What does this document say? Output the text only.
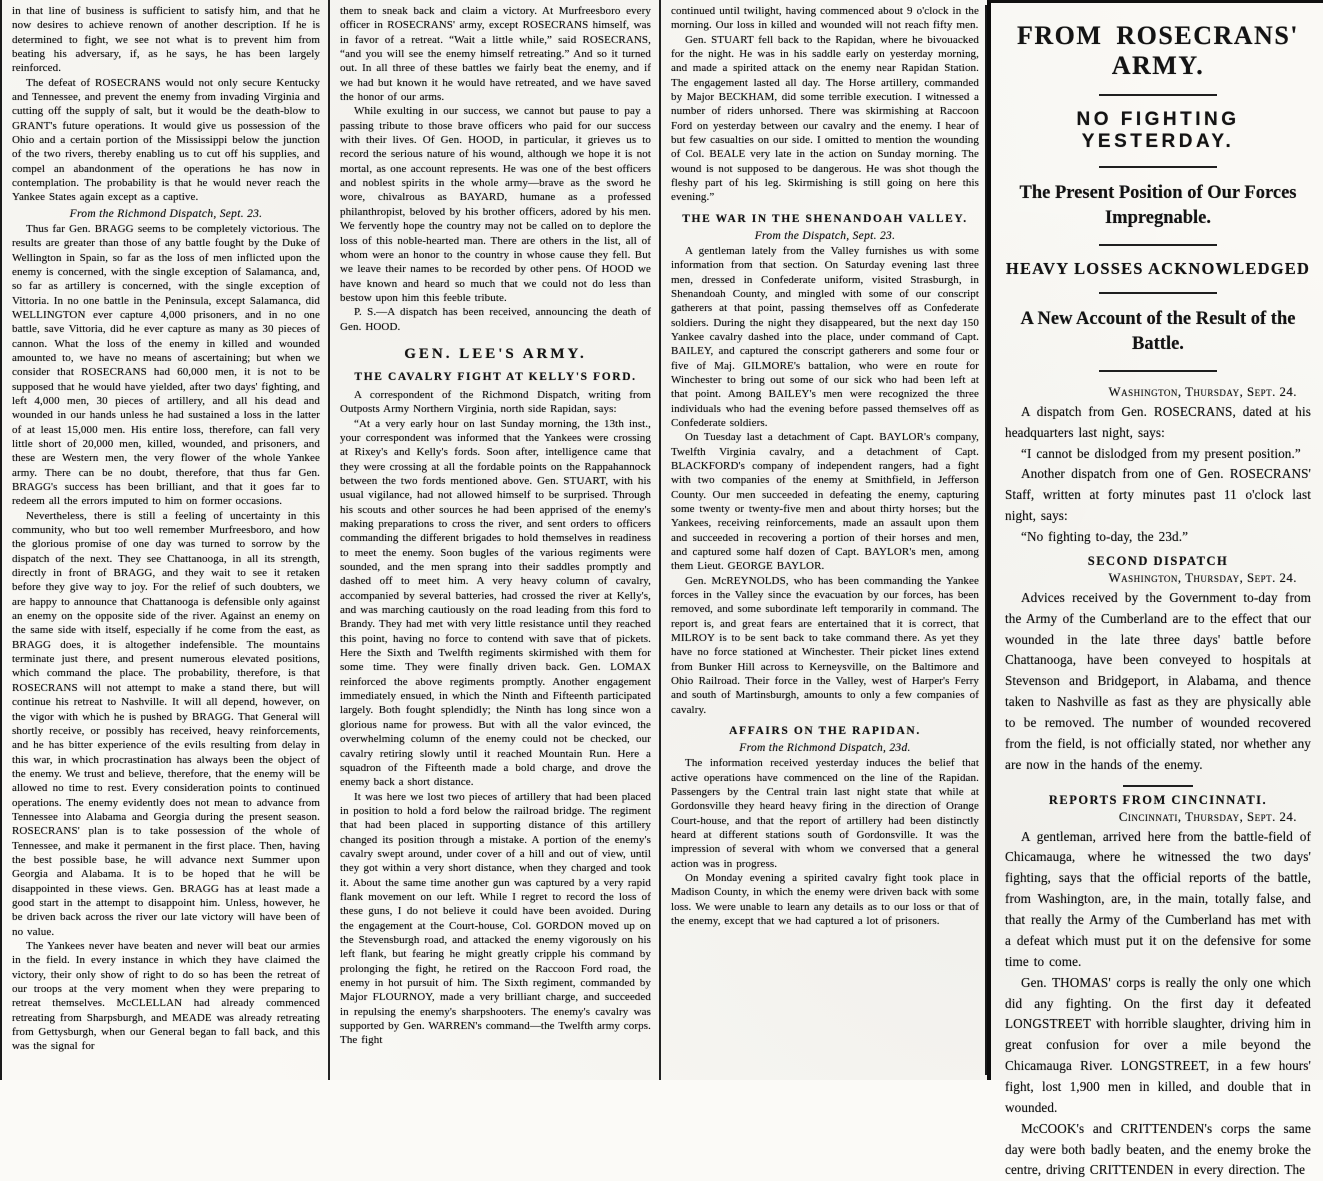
in that line of business is sufficient to satisfy him, and that he now desires to achieve renown of another description. If he is determined to fight, we see not what is to prevent him from beating his adversary, if, as he says, he has been largely reinforced.

The defeat of ROSECRANS would not only secure Kentucky and Tennessee, and prevent the enemy from invading Virginia and cutting off the supply of salt, but it would be the death-blow to GRANT's future operations. It would give us possession of the Ohio and a certain portion of the Mississippi below the junction of the two rivers, thereby enabling us to cut off his supplies, and compel an abandonment of the operations he has now in contemplation. The probability is that he would never reach the Yankee States again except as a captive.

From the Richmond Dispatch, Sept. 23.

Thus far Gen. BRAGG seems to be completely victorious. The results are greater than those of any battle fought by the Duke of Wellington in Spain, so far as the loss of men inflicted upon the enemy is concerned, with the single exception of Salamanca, and, so far as artillery is concerned, with the single exception of Vittoria. In no one battle in the Peninsula, except Salamanca, did WELLINGTON ever capture 4,000 prisoners, and in no one battle, save Vittoria, did he ever capture as many as 30 pieces of cannon. What the loss of the enemy in killed and wounded amounted to, we have no means of ascertaining; but when we consider that ROSECRANS had 60,000 men, it is not to be supposed that he would have yielded, after two days' fighting, and left 4,000 men, 30 pieces of artillery, and all his dead and wounded in our hands unless he had sustained a loss in the latter of at least 15,000 men. His entire loss, therefore, can fall very little short of 20,000 men, killed, wounded, and prisoners, and these are Western men, the very flower of the whole Yankee army. There can be no doubt, therefore, that thus far Gen. BRAGG's success has been brilliant, and that it goes far to redeem all the errors imputed to him on former occasions.

Nevertheless, there is still a feeling of uncertainty in this community, who but too well remember Murfreesboro, and how the glorious promise of one day was turned to sorrow by the dispatch of the next. They see Chattanooga, in all its strength, directly in front of BRAGG, and they wait to see it retaken before they give way to joy. For the relief of such doubters, we are happy to announce that Chattanooga is defensible only against an enemy on the opposite side of the river. Against an enemy on the same side with itself, especially if he come from the east, as BRAGG does, it is altogether indefensible. The mountains terminate just there, and present numerous elevated positions, which command the place. The probability, therefore, is that ROSECRANS will not attempt to make a stand there, but will continue his retreat to Nashville. It will all depend, however, on the vigor with which he is pushed by BRAGG. That General will shortly receive, or possibly has received, heavy reinforcements, and he has bitter experience of the evils resulting from delay in this war, in which procrastination has always been the object of the enemy. We trust and believe, therefore, that the enemy will be allowed no time to rest. Every consideration points to continued operations. The enemy evidently does not mean to advance from Tennessee into Alabama and Georgia during the present season. ROSECRANS' plan is to take possession of the whole of Tennessee, and make it permanent in the first place. Then, having the best possible base, he will advance next Summer upon Georgia and Alabama. It is to be hoped that he will be disappointed in these views. Gen. BRAGG has at least made a good start in the attempt to disappoint him. Unless, however, he be driven back across the river our late victory will have been of no value.

The Yankees never have beaten and never will beat our armies in the field. In every instance in which they have claimed the victory, their only show of right to do so has been the retreat of our troops at the very moment when they were preparing to retreat themselves. McCLELLAN had already commenced retreating from Sharpsburgh, and MEADE was already retreating from Gettysburgh, when our General began to fall back, and this was the signal for

them to sneak back and claim a victory. At Murfreesboro every officer in ROSECRANS' army, except ROSECRANS himself, was in favor of a retreat. “Wait a little while,” said ROSECRANS, “and you will see the enemy himself retreating.” And so it turned out. In all three of these battles we fairly beat the enemy, and if we had but known it he would have retreated, and we have saved the honor of our arms.

While exulting in our success, we cannot but pause to pay a passing tribute to those brave officers who paid for our success with their lives. Of Gen. HOOD, in particular, it grieves us to record the serious nature of his wound, although we hope it is not mortal, as one account represents. He was one of the best officers and noblest spirits in the whole army—brave as the sword he wore, chivalrous as BAYARD, humane as a professed philanthropist, beloved by his brother officers, adored by his men. We fervently hope the country may not be called on to deplore the loss of this noble-hearted man. There are others in the list, all of whom were an honor to the country in whose cause they fell. But we leave their names to be recorded by other pens. Of HOOD we have known and heard so much that we could not do less than bestow upon him this feeble tribute.

P. S.—A dispatch has been received, announcing the death of Gen. HOOD.

GEN. LEE'S ARMY.
THE CAVALRY FIGHT AT KELLY'S FORD.

A correspondent of the Richmond Dispatch, writing from Outposts Army Northern Virginia, north side Rapidan, says:

“At a very early hour on last Sunday morning, the 13th inst., your correspondent was informed that the Yankees were crossing at Rixey's and Kelly's fords. Soon after, intelligence came that they were crossing at all the fordable points on the Rappahannock between the two fords mentioned above. Gen. STUART, with his usual vigilance, had not allowed himself to be surprised. Through his scouts and other sources he had been apprised of the enemy's making preparations to cross the river, and sent orders to officers commanding the different brigades to hold themselves in readiness to meet the enemy. Soon bugles of the various regiments were sounded, and the men sprang into their saddles promptly and dashed off to meet him. A very heavy column of cavalry, accompanied by several batteries, had crossed the river at Kelly's, and was marching cautiously on the road leading from this ford to Brandy. They had met with very little resistance until they reached this point, having no force to contend with save that of pickets. Here the Sixth and Twelfth regiments skirmished with them for some time. They were finally driven back. Gen. LOMAX reinforced the above regiments promptly. Another engagement immediately ensued, in which the Ninth and Fifteenth participated largely. Both fought splendidly; the Ninth has long since won a glorious name for prowess. But with all the valor evinced, the overwhelming column of the enemy could not be checked, our cavalry retiring slowly until it reached Mountain Run. Here a squadron of the Fifteenth made a bold charge, and drove the enemy back a short distance.

It was here we lost two pieces of artillery that had been placed in position to hold a ford below the railroad bridge. The regiment that had been placed in supporting distance of this artillery changed its position through a mistake. A portion of the enemy's cavalry swept around, under cover of a hill and out of view, until they got within a very short distance, when they charged and took it. About the same time another gun was captured by a very rapid flank movement on our left. While I regret to record the loss of these guns, I do not believe it could have been avoided. During the engagement at the Court-house, Col. GORDON moved up on the Stevensburgh road, and attacked the enemy vigorously on his left flank, but fearing he might greatly cripple his command by prolonging the fight, he retired on the Raccoon Ford road, the enemy in hot pursuit of him. The Sixth regiment, commanded by Major FLOURNOY, made a very brilliant charge, and succeeded in repulsing the enemy's sharpshooters. The enemy's cavalry was supported by Gen. WARREN's command—the Twelfth army corps. The fight

continued until twilight, having commenced about 9 o'clock in the morning. Our loss in killed and wounded will not reach fifty men.

Gen. STUART fell back to the Rapidan, where he bivouacked for the night. He was in his saddle early on yesterday morning, and made a spirited attack on the enemy near Rapidan Station. The engagement lasted all day. The Horse artillery, commanded by Major BECKHAM, did some terrible execution. I witnessed a number of riders unhorsed. There was skirmishing at Raccoon Ford on yesterday between our cavalry and the enemy. I hear of but few casualties on our side. I omitted to mention the wounding of Col. BEALE very late in the action on Sunday morning. The wound is not supposed to be dangerous. He was shot though the fleshy part of his leg. Skirmishing is still going on here this evening.”

THE WAR IN THE SHENANDOAH VALLEY.

From the Dispatch, Sept. 23.

A gentleman lately from the Valley furnishes us with some information from that section. On Saturday evening last three men, dressed in Confederate uniform, visited Strasburgh, in Shenandoah County, and mingled with some of our conscript gatherers at that point, passing themselves off as Confederate soldiers. During the night they disappeared, but the next day 150 Yankee cavalry dashed into the place, under command of Capt. BAILEY, and captured the conscript gatherers and some four or five of Maj. GILMORE's battalion, who were en route for Winchester to bring out some of our sick who had been left at that point. Among BAILEY's men were recognized the three individuals who had the evening before passed themselves off as Confederate soldiers.

On Tuesday last a detachment of Capt. BAYLOR's company, Twelfth Virginia cavalry, and a detachment of Capt. BLACKFORD's company of independent rangers, had a fight with two companies of the enemy at Smithfield, in Jefferson County. Our men succeeded in defeating the enemy, capturing some twenty or twenty-five men and about thirty horses; but the Yankees, receiving reinforcements, made an assault upon them and succeeded in recovering a portion of their horses and men, and captured some half dozen of Capt. BAYLOR's men, among them Lieut. GEORGE BAYLOR.

Gen. McREYNOLDS, who has been commanding the Yankee forces in the Valley since the evacuation by our forces, has been removed, and some subordinate left temporarily in command. The report is, and great fears are entertained that it is correct, that MILROY is to be sent back to take command there. As yet they have no force stationed at Winchester. Their picket lines extend from Bunker Hill across to Kerneysville, on the Baltimore and Ohio Railroad. Their force in the Valley, west of Harper's Ferry and south of Martinsburgh, amounts to only a few companies of cavalry.

AFFAIRS ON THE RAPIDAN.

From the Richmond Dispatch, 23d.

The information received yesterday induces the belief that active operations have commenced on the line of the Rapidan. Passengers by the Central train last night state that while at Gordonsville they heard heavy firing in the direction of Orange Court-house, and that the report of artillery had been distinctly heard at different stations south of Gordonsville. It was the impression of several with whom we conversed that a general action was in progress.

On Monday evening a spirited cavalry fight took place in Madison County, in which the enemy were driven back with some loss. We were unable to learn any details as to our loss or that of the enemy, except that we had captured a lot of prisoners.

FROM ROSECRANS' ARMY.
NO FIGHTING YESTERDAY.
The Present Position of Our Forces Impregnable.
HEAVY LOSSES ACKNOWLEDGED
A New Account of the Result of the Battle.

Washington, Thursday, Sept. 24.

A dispatch from Gen. ROSECRANS, dated at his headquarters last night, says:

“I cannot be dislodged from my present position.”

Another dispatch from one of Gen. ROSECRANS' Staff, written at forty minutes past 11 o'clock last night, says:

“No fighting to-day, the 23d.”

SECOND DISPATCH

Washington, Thursday, Sept. 24.

Advices received by the Government to-day from the Army of the Cumberland are to the effect that our wounded in the late three days' battle before Chattanooga, have been conveyed to hospitals at Stevenson and Bridgeport, in Alabama, and thence taken to Nashville as fast as they are physically able to be removed. The number of wounded recovered from the field, is not officially stated, nor whether any are now in the hands of the enemy.

REPORTS FROM CINCINNATI.

Cincinnati, Thursday, Sept. 24.

A gentleman, arrived here from the battle-field of Chicamauga, where he witnessed the two days' fighting, says that the official reports of the battle, from Washington, are, in the main, totally false, and that really the Army of the Cumberland has met with a defeat which must put it on the defensive for some time to come.

Gen. THOMAS' corps is really the only one which did any fighting. On the first day it defeated LONGSTREET with horrible slaughter, driving him in great confusion for over a mile beyond the Chicamauga River. LONGSTREET, in a few hours' fight, lost 1,900 men in killed, and double that in wounded.

McCOOK's and CRITTENDEN's corps the same day were both badly beaten, and the enemy broke the centre, driving CRITTENDEN in every direction. The
